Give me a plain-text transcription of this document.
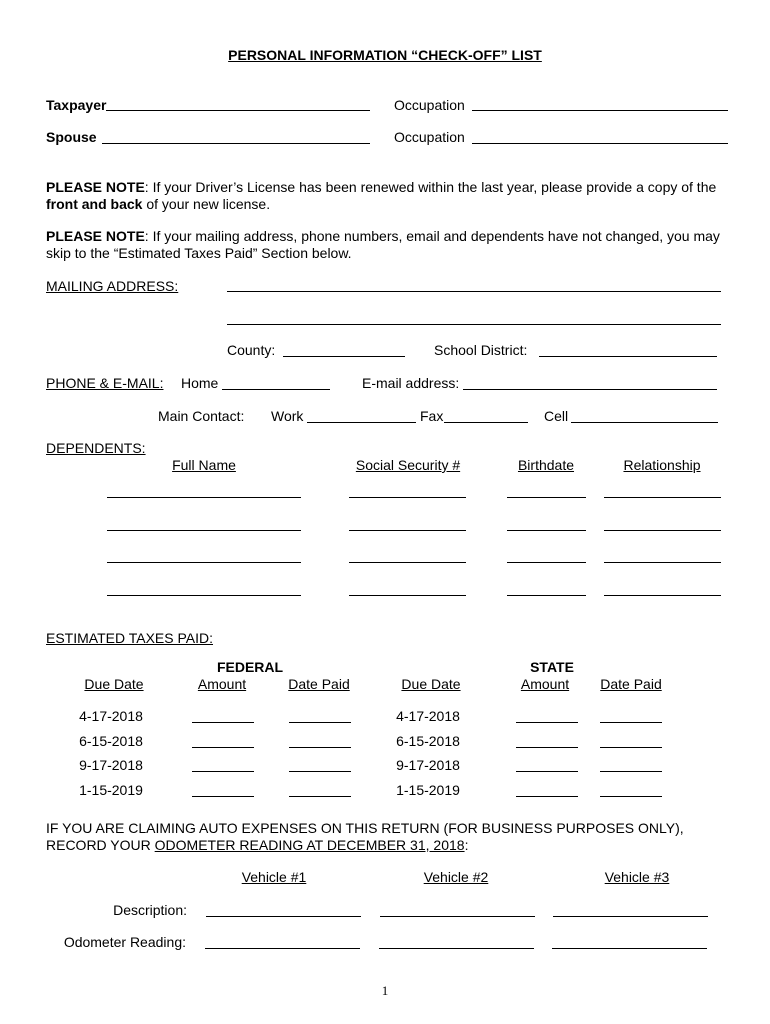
PERSONAL INFORMATION “CHECK-OFF” LIST
Taxpayer	Occupation
Spouse	Occupation
PLEASE NOTE: If your Driver’s License has been renewed within the last year, please provide a copy of the front and back of your new license.
PLEASE NOTE: If your mailing address, phone numbers, email and dependents have not changed, you may skip to the “Estimated Taxes Paid” Section below.
MAILING ADDRESS:
County:	School District:
PHONE & E-MAIL: Home	E-mail address:
Main Contact: Work	Fax	Cell
DEPENDENTS:
Full Name	Social Security #	Birthdate	Relationship
ESTIMATED TAXES PAID:
FEDERAL	STATE
Due Date	Amount	Date Paid	Due Date	Amount	Date Paid
4-17-2018	4-17-2018
6-15-2018	6-15-2018
9-17-2018	9-17-2018
1-15-2019	1-15-2019
IF YOU ARE CLAIMING AUTO EXPENSES ON THIS RETURN (FOR BUSINESS PURPOSES ONLY),
RECORD YOUR ODOMETER READING AT DECEMBER 31, 2018:
Vehicle #1	Vehicle #2	Vehicle #3
Description:
Odometer Reading:
1
